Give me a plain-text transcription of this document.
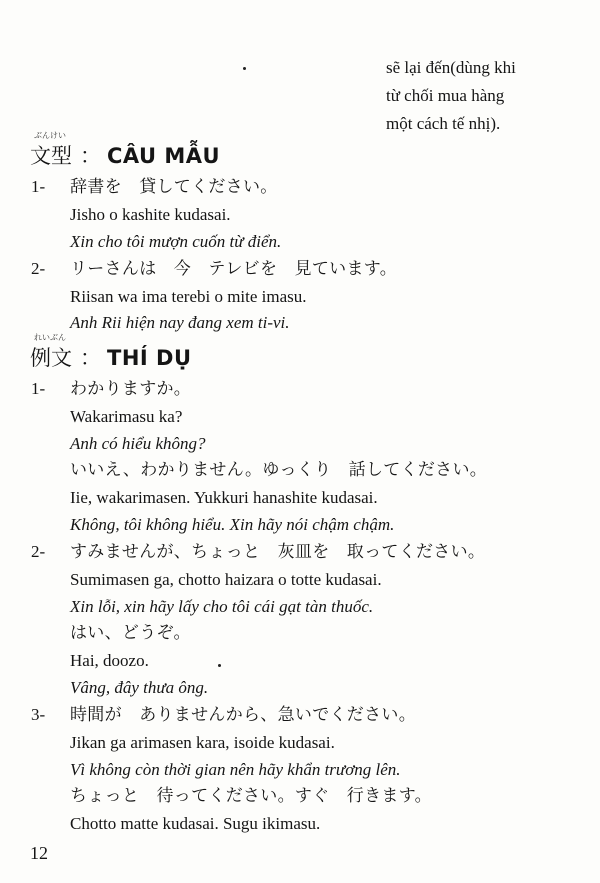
sẽ lại đến(dùng khi
từ chối mua hàng
một cách tế nhị).
ぶんけい
文型 ： CÂU MẪU
1- 辞書を　貸してください。
Jisho o kashite kudasai.
Xin cho tôi mượn cuốn từ điển.
2- リーさんは　今　テレビを　見ています。
Riisan wa ima terebi o mite imasu.
Anh Rii hiện nay đang xem ti-vi.
れいぶん
例文 ： THÍ DỤ
1- わかりますか。
Wakarimasu ka?
Anh có hiểu không?
いいえ、わかりません。ゆっくり　話してください。
Iie, wakarimasen. Yukkuri hanashite kudasai.
Không, tôi không hiểu. Xin hãy nói chậm chậm.
2- すみませんが、ちょっと　灰皿を　取ってください。
Sumimasen ga, chotto haizara o totte kudasai.
Xin lỗi, xin hãy lấy cho tôi cái gạt tàn thuốc.
はい、どうぞ。
Hai, doozo.
Vâng, đây thưa ông.
3- 時間が　ありませんから、急いでください。
Jikan ga arimasen kara, isoide kudasai.
Vì không còn thời gian nên hãy khẩn trương lên.
ちょっと　待ってください。すぐ　行きます。
Chotto matte kudasai. Sugu ikimasu.
12
